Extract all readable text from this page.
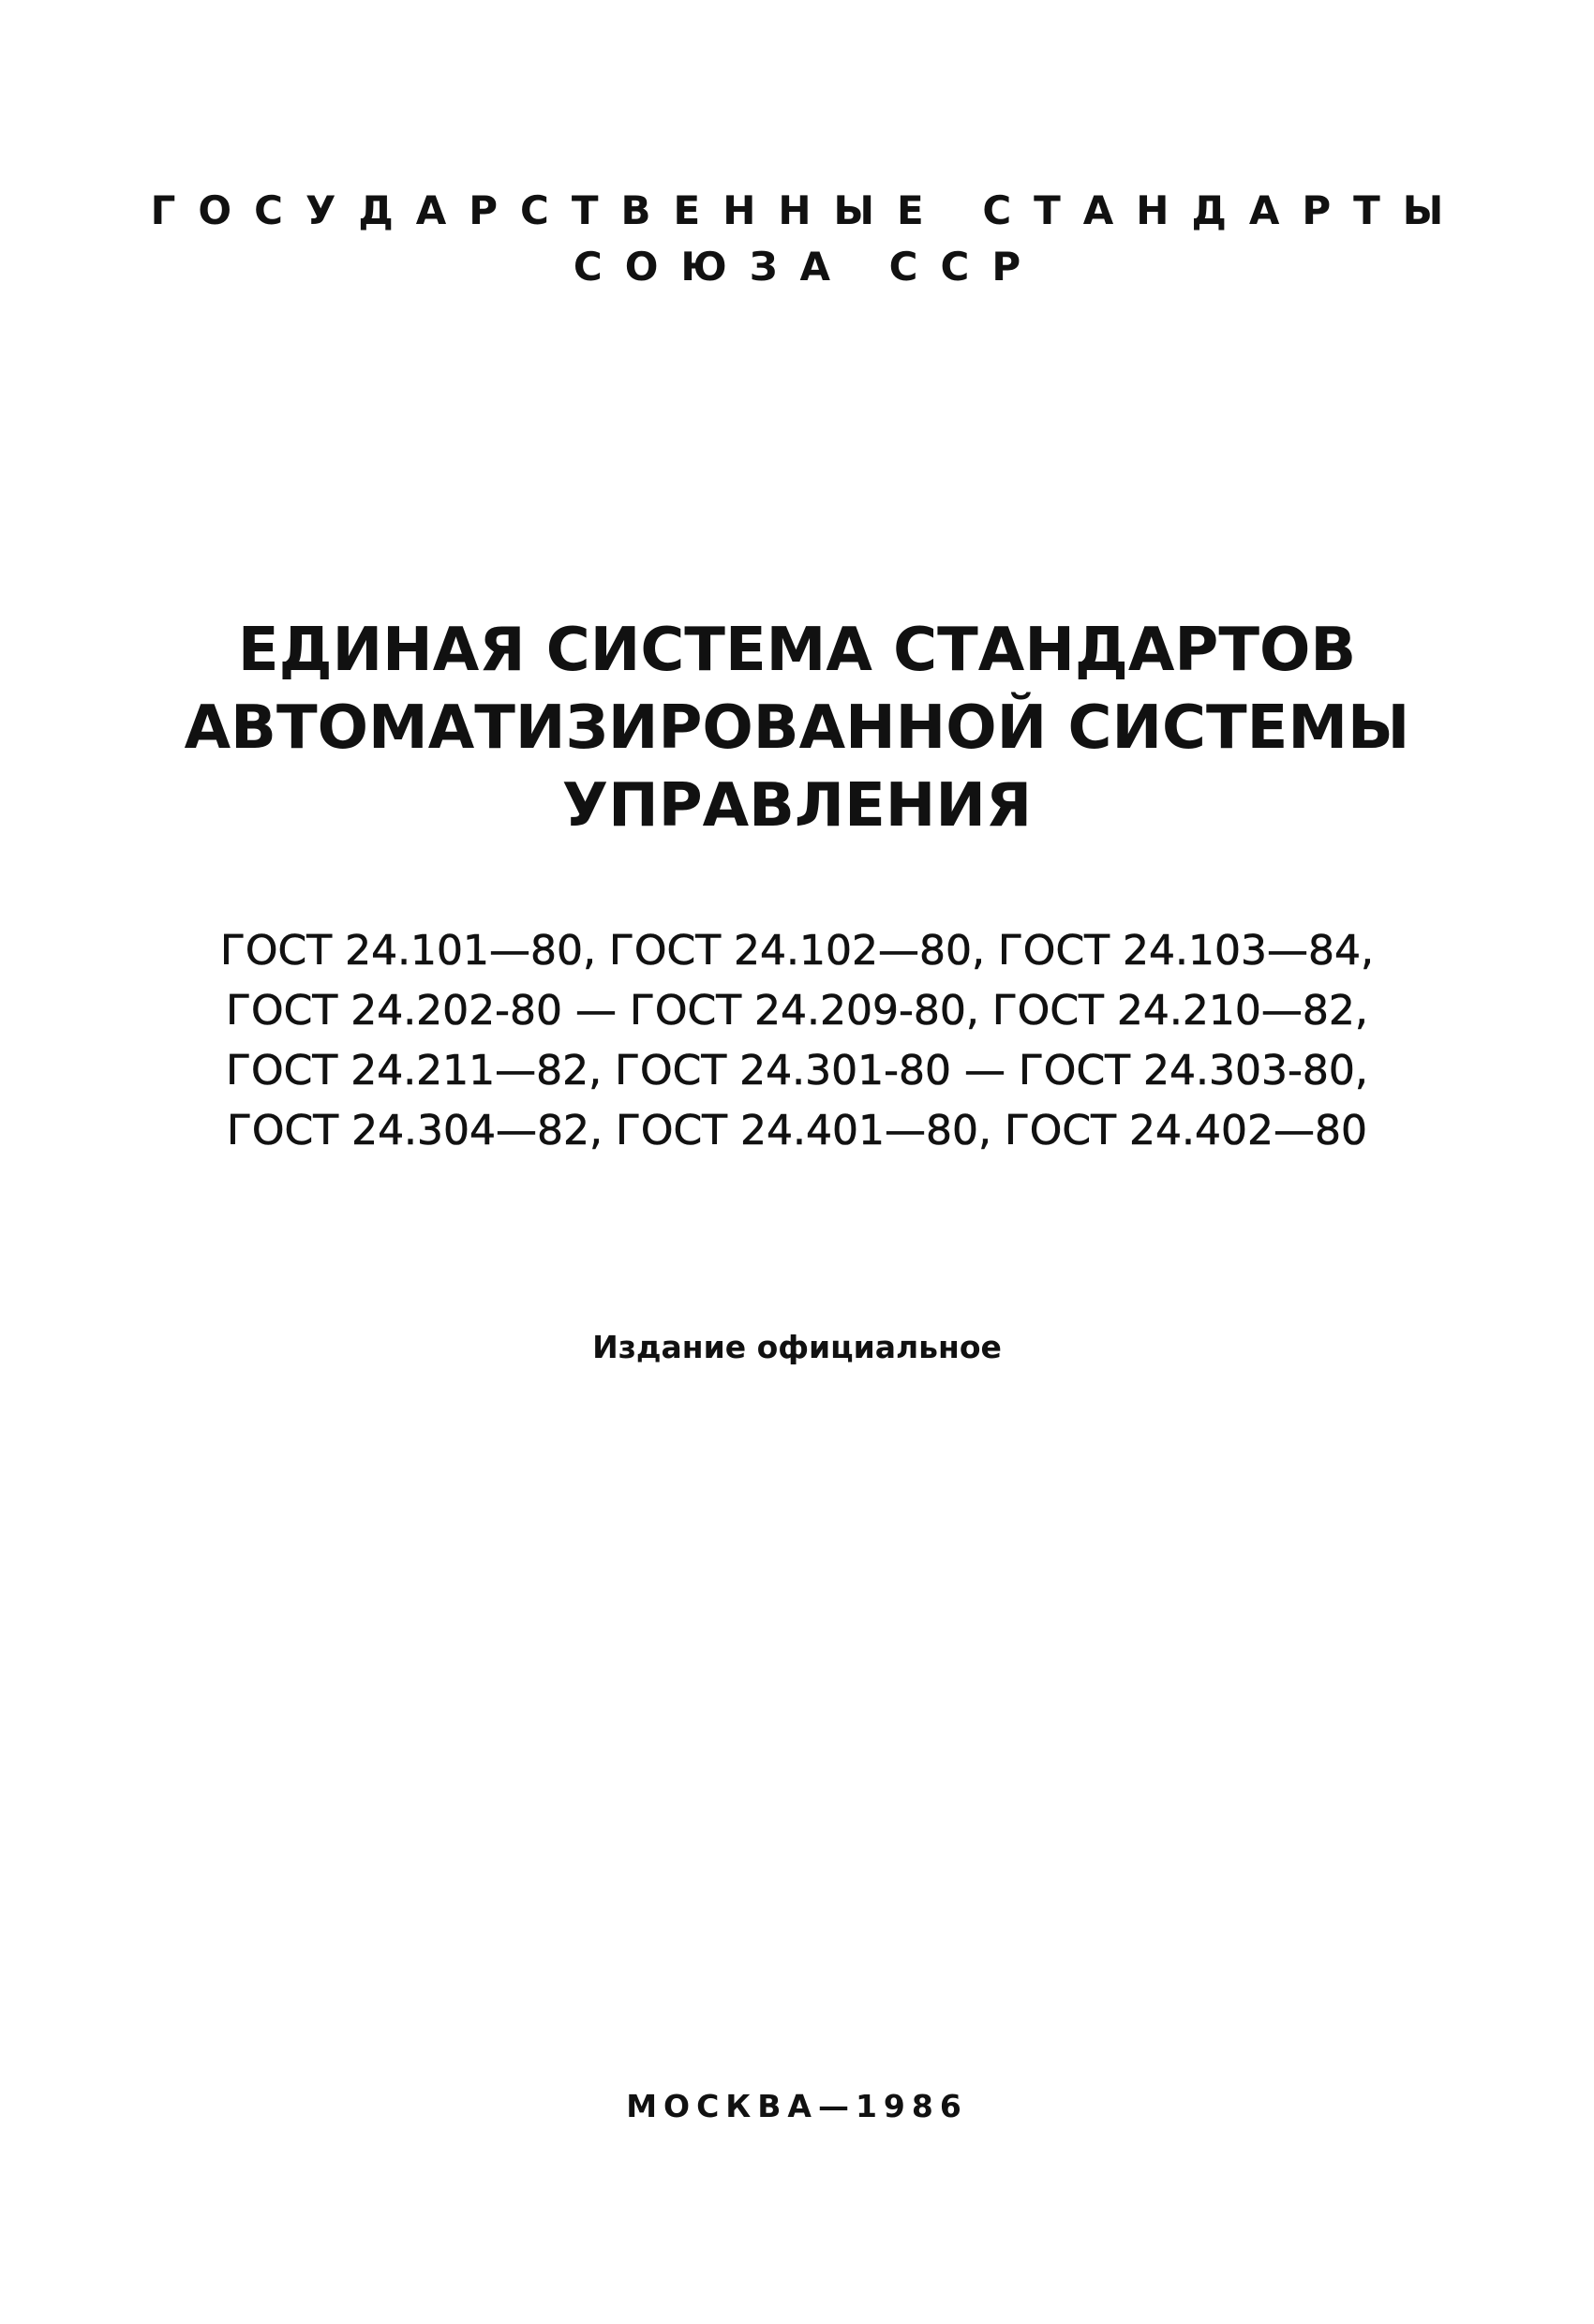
ГОСУДАРСТВЕННЫЕ СТАНДАРТЫ
СОЮЗА ССР
ЕДИНАЯ СИСТЕМА СТАНДАРТОВ
АВТОМАТИЗИРОВАННОЙ СИСТЕМЫ
УПРАВЛЕНИЯ
ГОСТ 24.101—80, ГОСТ 24.102—80, ГОСТ 24.103—84,
ГОСТ 24.202-80 — ГОСТ 24.209-80, ГОСТ 24.210—82,
ГОСТ 24.211—82, ГОСТ 24.301-80 — ГОСТ 24.303-80,
ГОСТ 24.304—82, ГОСТ 24.401—80, ГОСТ 24.402—80
Издание официальное
МОСКВА—1986
